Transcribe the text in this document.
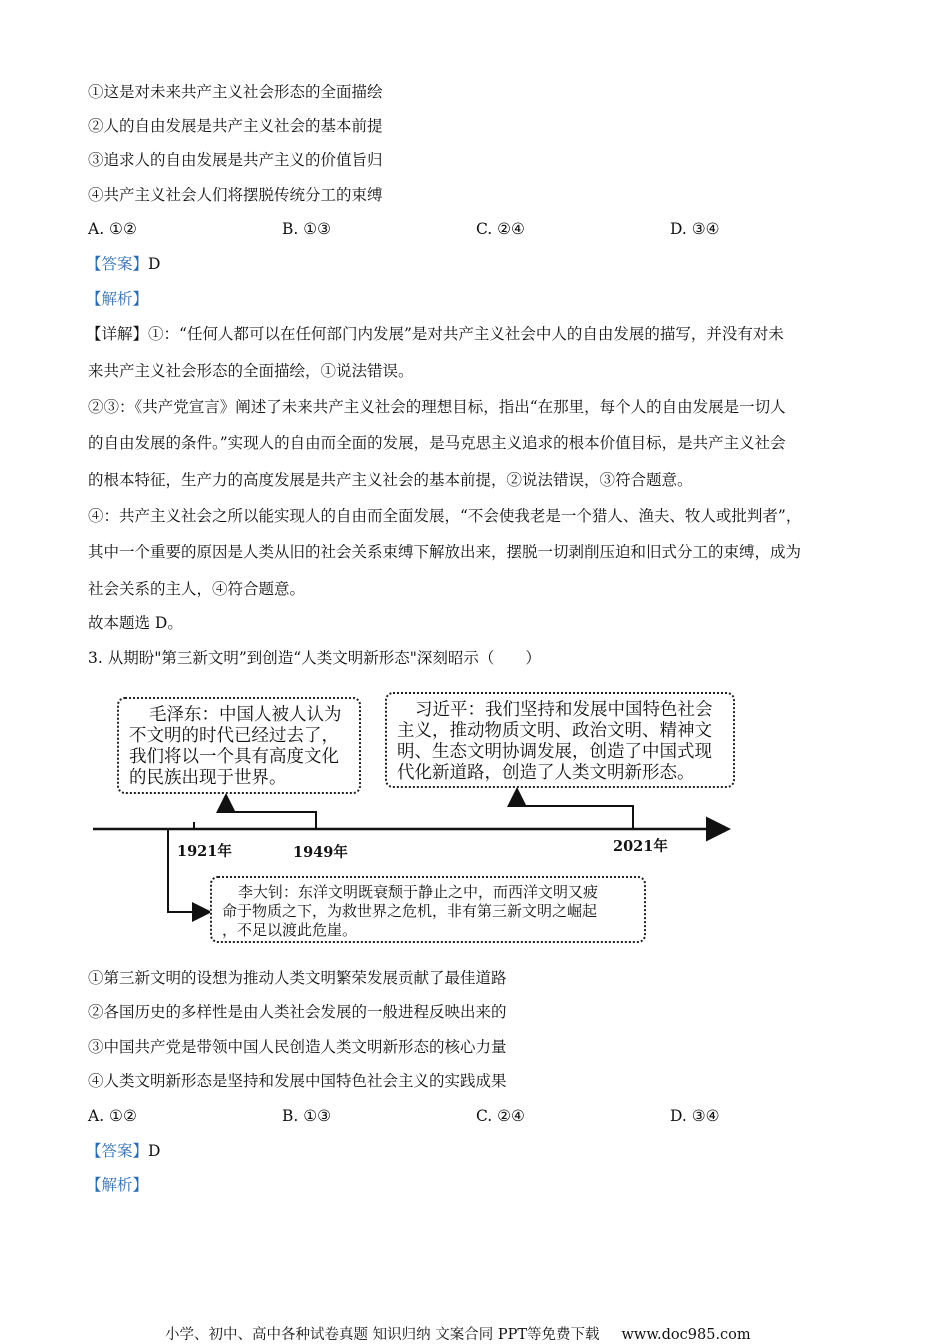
①这是对未来共产主义社会形态的全面描绘
②人的自由发展是共产主义社会的基本前提
③追求人的自由发展是共产主义的价值旨归
④共产主义社会人们将摆脱传统分工的束缚
A. ①②	B. ①③	C. ②④	D. ③④
【答案】D
【解析】
【详解】①：“任何人都可以在任何部门内发展”是对共产主义社会中人的自由发展的描写，并没有对未
来共产主义社会形态的全面描绘，①说法错误。
②③：《共产党宣言》阐述了未来共产主义社会的理想目标，指出“在那里，每个人的自由发展是一切人
的自由发展的条件。”实现人的自由而全面的发展，是马克思主义追求的根本价值目标，是共产主义社会
的根本特征，生产力的高度发展是共产主义社会的基本前提，②说法错误，③符合题意。
④：共产主义社会之所以能实现人的自由而全面发展，“不会使我老是一个猎人、渔夫、牧人或批判者”，
其中一个重要的原因是人类从旧的社会关系束缚下解放出来，摆脱一切剥削压迫和旧式分工的束缚，成为
社会关系的主人，④符合题意。
故本题选 D。
3. 从期盼"第三新文明”到创造“人类文明新形态"深刻昭示（　　）
毛泽东：中国人被人认为
不文明的时代已经过去了，
我们将以一个具有高度文化
的民族出现于世界。
习近平：我们坚持和发展中国特色社会
主义，推动物质文明、政治文明、精神文
明、生态文明协调发展，创造了中国式现
代化新道路，创造了人类文明新形态。
李大钊：东洋文明既衰颓于静止之中，而西洋文明又疲
命于物质之下，为救世界之危机，非有第三新文明之崛起
，不足以渡此危崖。
1921年	1949年	2021年
①第三新文明的设想为推动人类文明繁荣发展贡献了最佳道路
②各国历史的多样性是由人类社会发展的一般进程反映出来的
③中国共产党是带领中国人民创造人类文明新形态的核心力量
④人类文明新形态是坚持和发展中国特色社会主义的实践成果
A. ①②	B. ①③	C. ②④	D. ③④
【答案】D
【解析】
小学、初中、高中各种试卷真题 知识归纳 文案合同 PPT等免费下载 www.doc985.com
